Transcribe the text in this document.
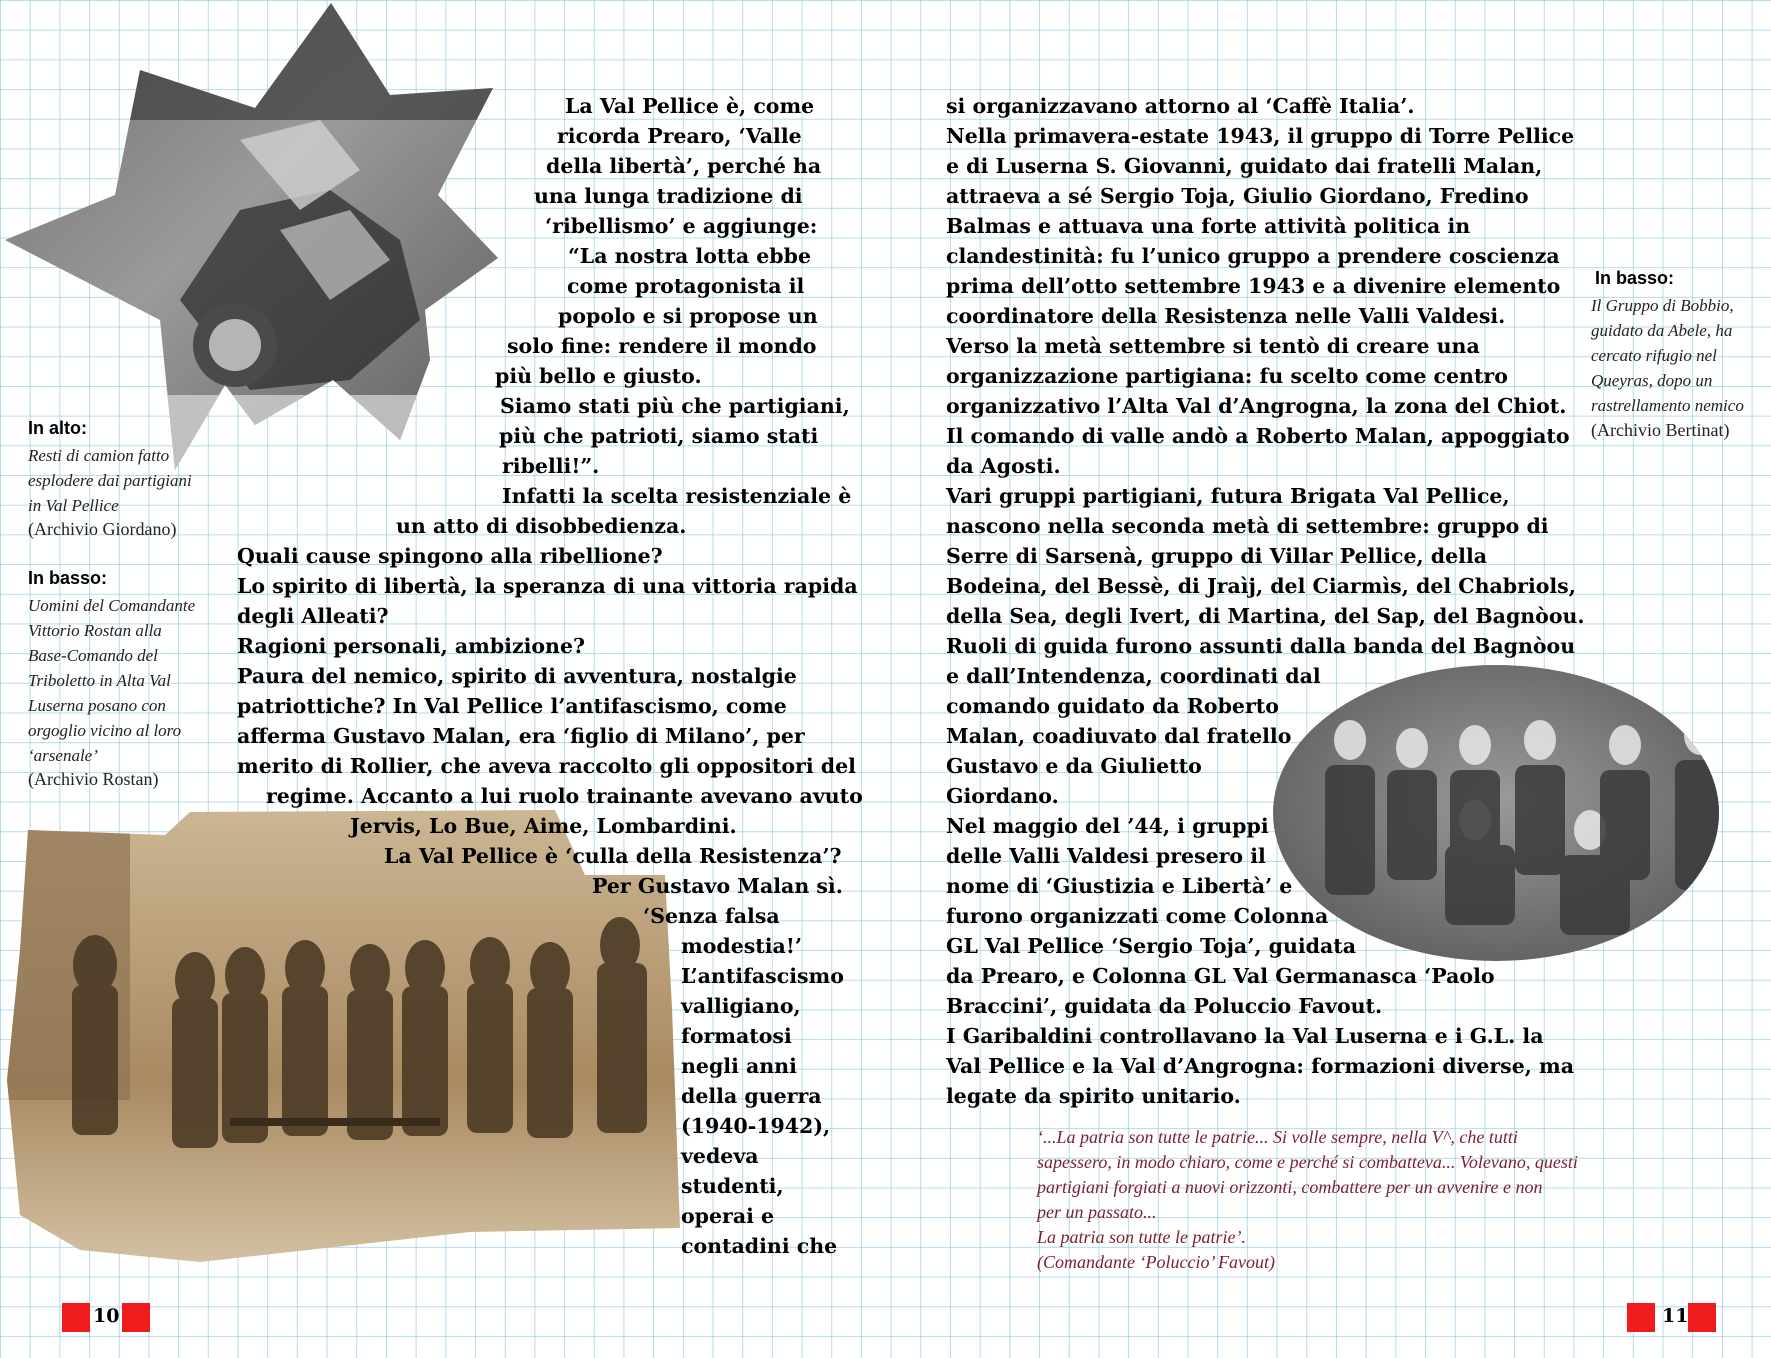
La Val Pellice è, come
ricorda Prearo, ‘Valle
della libertà’, perché ha
una lunga tradizione di
‘ribellismo’ e aggiunge:
“La nostra lotta ebbe
come protagonista il
popolo e si propose un
solo fine: rendere il mondo
più bello e giusto.
Siamo stati più che partigiani,
più che patrioti, siamo stati
ribelli!”.
Infatti la scelta resistenziale è
un atto di disobbedienza.
Quali cause spingono alla ribellione?
Lo spirito di libertà, la speranza di una vittoria rapida
degli Alleati?
Ragioni personali, ambizione?
Paura del nemico, spirito di avventura, nostalgie
patriottiche? In Val Pellice l’antifascismo, come
afferma Gustavo Malan, era ‘figlio di Milano’, per
merito di Rollier, che aveva raccolto gli oppositori del
regime. Accanto a lui ruolo trainante avevano avuto
Jervis, Lo Bue, Aime, Lombardini.
La Val Pellice è ‘culla della Resistenza’?
Per Gustavo Malan sì.
‘Senza falsa
modestia!’
L’antifascismo
valligiano,
formatosi
negli anni
della guerra
(1940-1942),
vedeva
studenti,
operai e
contadini che
In alto:
Resti di camion fatto
esplodere dai partigiani
in Val Pellice
(Archivio Giordano)
In basso:
Uomini del Comandante
Vittorio Rostan alla
Base-Comando del
Triboletto in Alta Val
Luserna posano con
orgoglio vicino al loro
‘arsenale’
(Archivio Rostan)
10
si organizzavano attorno al ‘Caffè Italia’.
Nella primavera-estate 1943, il gruppo di Torre Pellice
e di Luserna S. Giovanni, guidato dai fratelli Malan,
attraeva a sé Sergio Toja, Giulio Giordano, Fredino
Balmas e attuava una forte attività politica in
clandestinità: fu l’unico gruppo a prendere coscienza
prima dell’otto settembre 1943 e a divenire elemento
coordinatore della Resistenza nelle Valli Valdesi.
Verso la metà settembre si tentò di creare una
organizzazione partigiana: fu scelto come centro
organizzativo l’Alta Val d’Angrogna, la zona del Chiot.
Il comando di valle andò a Roberto Malan, appoggiato
da Agosti.
Vari gruppi partigiani, futura Brigata Val Pellice,
nascono nella seconda metà di settembre: gruppo di
Serre di Sarsenà, gruppo di Villar Pellice, della
Bodeina, del Bessè, di Jraìj, del Ciarmìs, del Chabriols,
della Sea, degli Ivert, di Martina, del Sap, del Bagnòou.
Ruoli di guida furono assunti dalla banda del Bagnòou
e dall’Intendenza, coordinati dal
comando guidato da Roberto
Malan, coadiuvato dal fratello
Gustavo e da Giulietto
Giordano.
Nel maggio del ’44, i gruppi
delle Valli Valdesi presero il
nome di ‘Giustizia e Libertà’ e
furono organizzati come Colonna
GL Val Pellice ‘Sergio Toja’, guidata
da Prearo, e Colonna GL Val Germanasca ‘Paolo
Braccini’, guidata da Poluccio Favout.
I Garibaldini controllavano la Val Luserna e i G.L. la
Val Pellice e la Val d’Angrogna: formazioni diverse, ma
legate da spirito unitario.
In basso:
Il Gruppo di Bobbio,
guidato da Abele, ha
cercato rifugio nel
Queyras, dopo un
rastrellamento nemico
(Archivio Bertinat)
‘...La patria son tutte le patrie... Si volle sempre, nella V^, che tutti
sapessero, in modo chiaro, come e perché si combatteva... Volevano, questi
partigiani forgiati a nuovi orizzonti, combattere per un avvenire e non
per un passato...
La patria son tutte le patrie’.
(Comandante ‘Poluccio’ Favout)
11
